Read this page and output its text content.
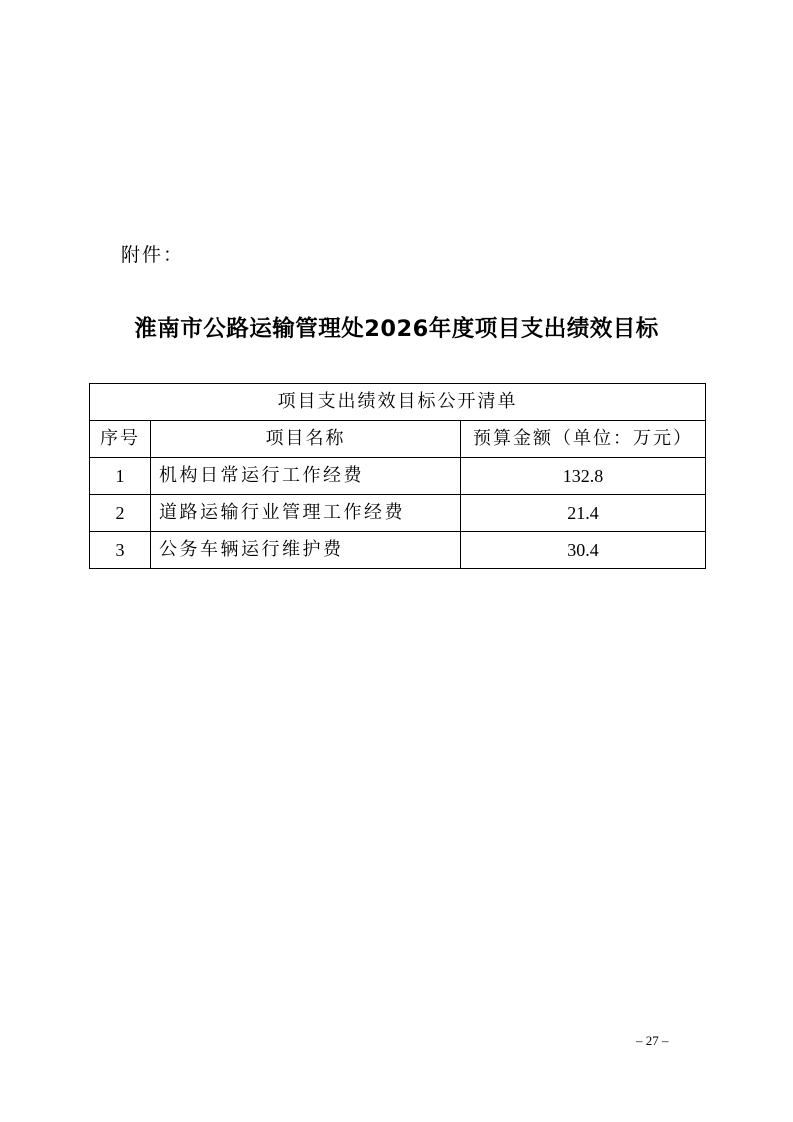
附件：
淮南市公路运输管理处2026年度项目支出绩效目标
项目支出绩效目标公开清单		
序号	项目名称	预算金额（单位：万元）
1	机构日常运行工作经费	132.8
2	道路运输行业管理工作经费	21.4
3	公务车辆运行维护费	30.4
– 27 –
